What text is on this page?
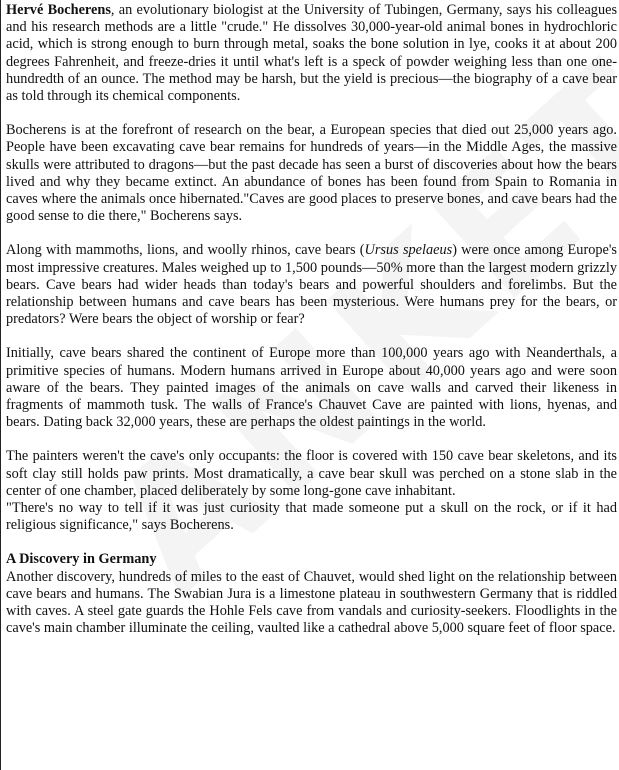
Hervé Bocherens, an evolutionary biologist at the University of Tubingen, Germany, says his colleagues and his research methods are a little "crude." He dissolves 30,000-year-old animal bones in hydrochloric acid, which is strong enough to burn through metal, soaks the bone solution in lye, cooks it at about 200 degrees Fahrenheit, and freeze-dries it until what's left is a speck of powder weighing less than one one-hundredth of an ounce. The method may be harsh, but the yield is precious—the biography of a cave bear as told through its chemical components.

Bocherens is at the forefront of research on the bear, a European species that died out 25,000 years ago. People have been excavating cave bear remains for hundreds of years—in the Middle Ages, the massive skulls were attributed to dragons—but the past decade has seen a burst of discoveries about how the bears lived and why they became extinct. An abundance of bones has been found from Spain to Romania in caves where the animals once hibernated."Caves are good places to preserve bones, and cave bears had the good sense to die there," Bocherens says.

Along with mammoths, lions, and woolly rhinos, cave bears (Ursus spelaeus) were once among Europe's most impressive creatures. Males weighed up to 1,500 pounds—50% more than the largest modern grizzly bears. Cave bears had wider heads than today's bears and powerful shoulders and forelimbs. But the relationship between humans and cave bears has been mysterious. Were humans prey for the bears, or predators? Were bears the object of worship or fear?

Initially, cave bears shared the continent of Europe more than 100,000 years ago with Neanderthals, a primitive species of humans. Modern humans arrived in Europe about 40,000 years ago and were soon aware of the bears. They painted images of the animals on cave walls and carved their likeness in fragments of mammoth tusk. The walls of France's Chauvet Cave are painted with lions, hyenas, and bears. Dating back 32,000 years, these are perhaps the oldest paintings in the world.

The painters weren't the cave's only occupants: the floor is covered with 150 cave bear skeletons, and its soft clay still holds paw prints. Most dramatically, a cave bear skull was perched on a stone slab in the center of one chamber, placed deliberately by some long-gone cave inhabitant.

"There's no way to tell if it was just curiosity that made someone put a skull on the rock, or if it had religious significance," says Bocherens.

A Discovery in Germany

Another discovery, hundreds of miles to the east of Chauvet, would shed light on the relationship between cave bears and humans. The Swabian Jura is a limestone plateau in southwestern Germany that is riddled with caves. A steel gate guards the Hohle Fels cave from vandals and curiosity-seekers. Floodlights in the cave's main chamber illuminate the ceiling, vaulted like a cathedral above 5,000 square feet of floor space.
